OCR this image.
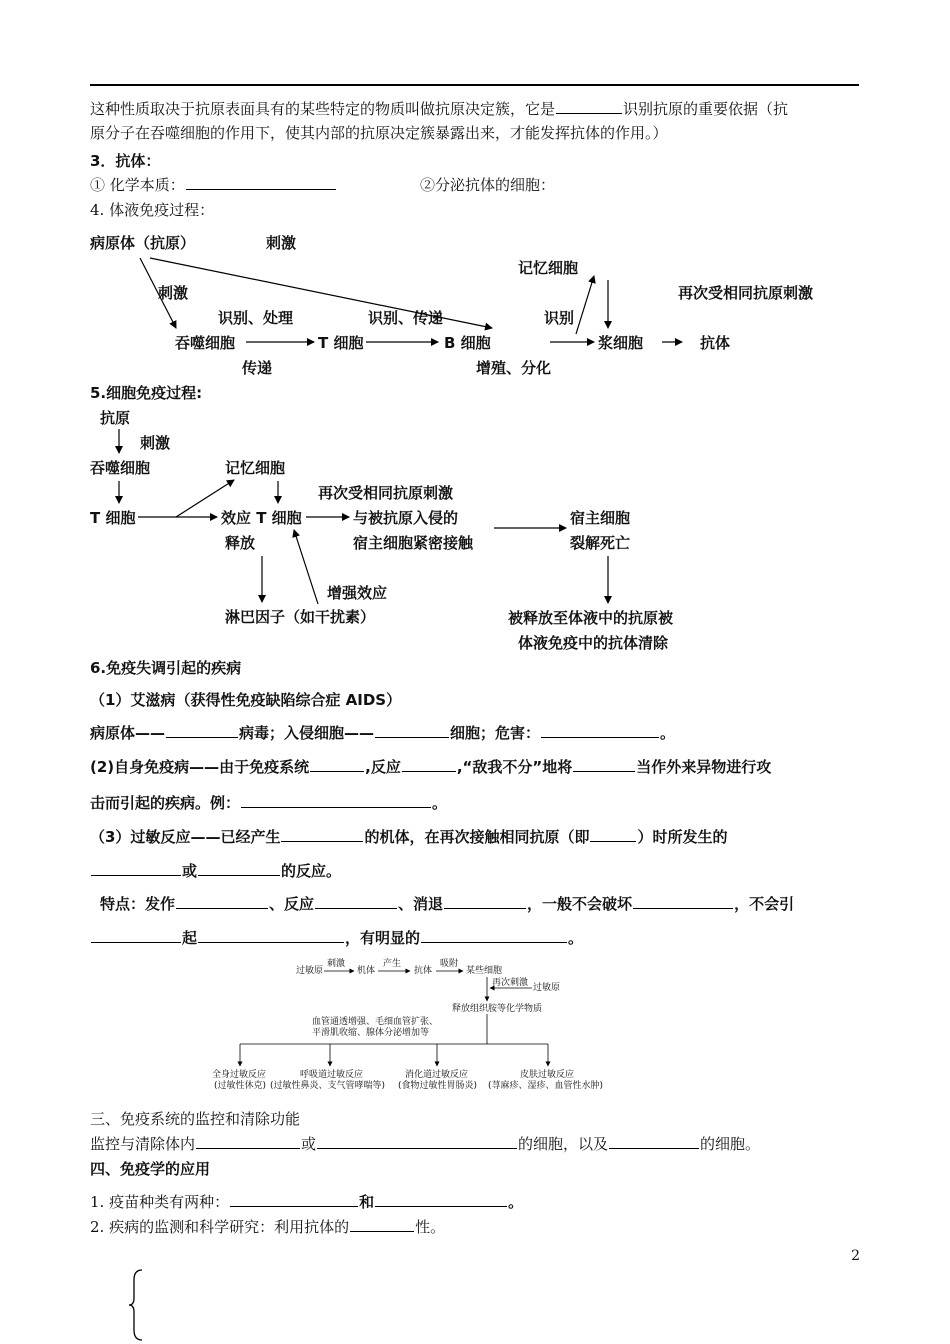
这种性质取决于抗原表面具有的某些特定的物质叫做抗原决定簇，它是	识别抗原的重要依据（抗
原分子在吞噬细胞的作用下，使其内部的抗原决定簇暴露出来，才能发挥抗体的作用。）
3．抗体：
① 化学本质：	②分泌抗体的细胞：
4. 体液免疫过程：
病原体（抗原）	刺激
记忆细胞
再次受相同抗原刺激
刺激
识别、处理	识别、传递	识别
吞噬细胞	T 细胞	B 细胞	浆细胞	抗体
传递	增殖、分化
5.细胞免疫过程:
抗原
刺激
吞噬细胞	记忆细胞
再次受相同抗原刺激
T 细胞	效应 T 细胞	与被抗原入侵的	宿主细胞
释放	宿主细胞紧密接触	裂解死亡
增强效应
淋巴因子（如干扰素）	被释放至体液中的抗原被
体液免疫中的抗体清除
6.免疫失调引起的疾病
（1）艾滋病（获得性免疫缺陷综合症 AIDS）
病原体——	病毒；入侵细胞——	细胞；危害：	。
(2)自身免疫病——由于免疫系统	,反应	,“敌我不分”地将	当作外来异物进行攻
击而引起的疾病。例：	。
（3）过敏反应——已经产生	的机体，在再次接触相同抗原（即	）时所发生的
或	的反应。
特点：发作	、反应	、消退	，一般不会破坏	，不会引
起	，有明显的	。
过敏原
刺激
机体
产生
抗体
吸附
某些细胞
再次刺激 过敏原
释放组织胺等化学物质
血管通透增强、毛细血管扩张、
平滑肌收缩、腺体分泌增加等
全身过敏反应
(过敏性休克)
呼吸道过敏反应
(过敏性鼻炎、支气管哮喘等)
消化道过敏反应
(食物过敏性胃肠炎)
皮肤过敏反应
(荨麻疹、湿疹、血管性水肿)
三、免疫系统的监控和清除功能
监控与清除体内	或	的细胞，以及	的细胞。
四、免疫学的应用
1. 疫苗种类有两种：	和	。
2. 疾病的监测和科学研究：利用抗体的	性。
2
